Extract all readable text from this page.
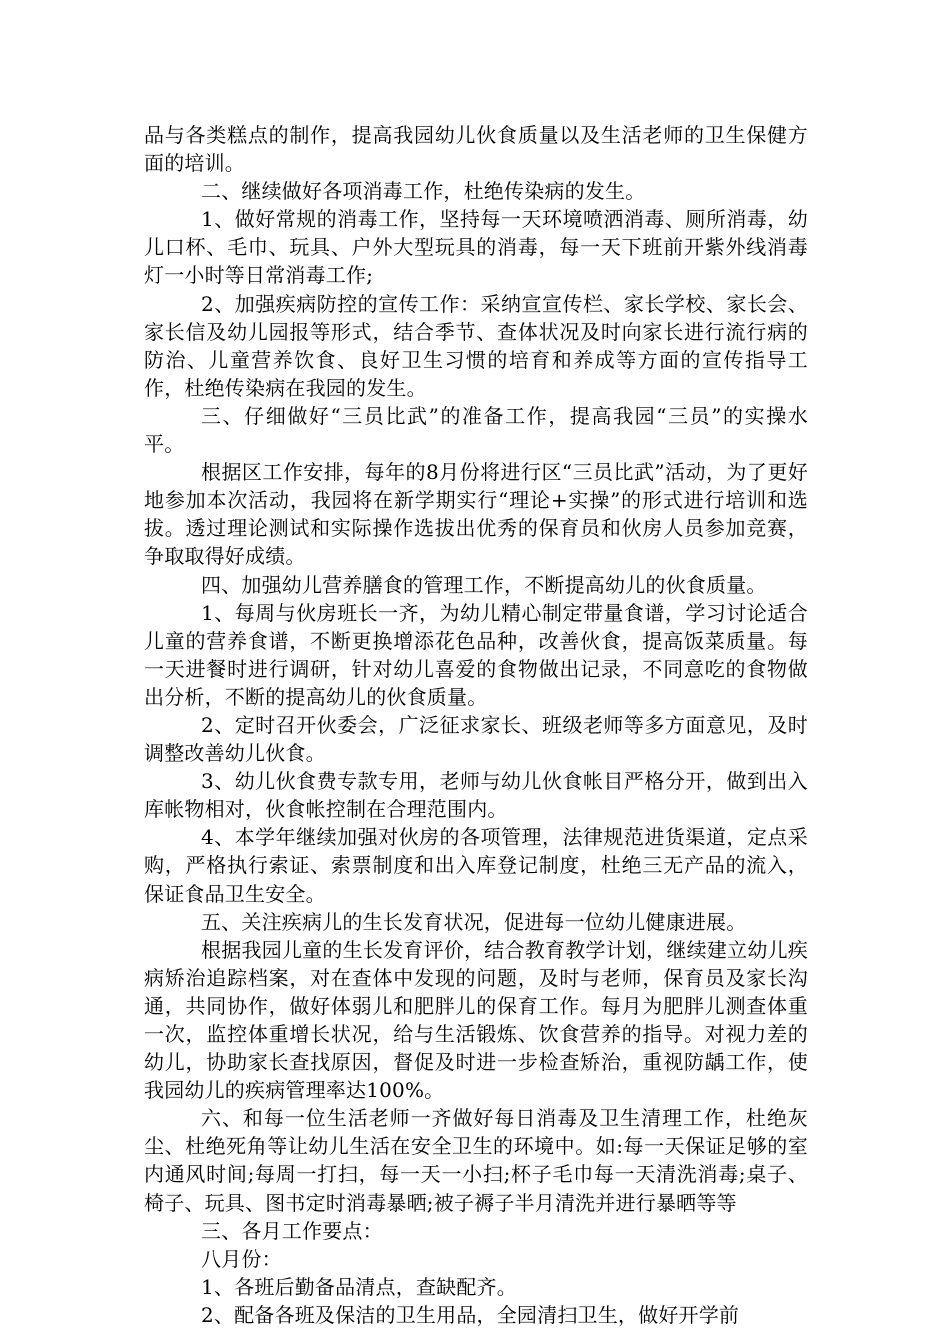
品与各类糕点的制作，提高我园幼儿伙食质量以及生活老师的卫生保健方面的培训。

二、继续做好各项消毒工作，杜绝传染病的发生。

1、做好常规的消毒工作，坚持每一天环境喷洒消毒、厕所消毒，幼儿口杯、毛巾、玩具、户外大型玩具的消毒，每一天下班前开紫外线消毒灯一小时等日常消毒工作;

2、加强疾病防控的宣传工作：采纳宣宣传栏、家长学校、家长会、家长信及幼儿园报等形式，结合季节、查体状况及时向家长进行流行病的防治、儿童营养饮食、良好卫生习惯的培育和养成等方面的宣传指导工作，杜绝传染病在我园的发生。

三、仔细做好“三员比武”的准备工作，提高我园“三员”的实操水平。

根据区工作安排，每年的8月份将进行区“三员比武”活动，为了更好地参加本次活动，我园将在新学期实行“理论+实操”的形式进行培训和选拔。透过理论测试和实际操作选拔出优秀的保育员和伙房人员参加竞赛，争取取得好成绩。

四、加强幼儿营养膳食的管理工作，不断提高幼儿的伙食质量。

1、每周与伙房班长一齐，为幼儿精心制定带量食谱，学习讨论适合儿童的营养食谱，不断更换增添花色品种，改善伙食，提高饭菜质量。每一天进餐时进行调研，针对幼儿喜爱的食物做出记录，不同意吃的食物做出分析，不断的提高幼儿的伙食质量。

2、定时召开伙委会，广泛征求家长、班级老师等多方面意见，及时调整改善幼儿伙食。

3、幼儿伙食费专款专用，老师与幼儿伙食帐目严格分开，做到出入库帐物相对，伙食帐控制在合理范围内。

4、本学年继续加强对伙房的各项管理，法律规范进货渠道，定点采购，严格执行索证、索票制度和出入库登记制度，杜绝三无产品的流入，保证食品卫生安全。

五、关注疾病儿的生长发育状况，促进每一位幼儿健康进展。

根据我园儿童的生长发育评价，结合教育教学计划，继续建立幼儿疾病矫治追踪档案，对在查体中发现的问题，及时与老师，保育员及家长沟通，共同协作，做好体弱儿和肥胖儿的保育工作。每月为肥胖儿测查体重一次，监控体重增长状况，给与生活锻炼、饮食营养的指导。对视力差的幼儿，协助家长查找原因，督促及时进一步检查矫治，重视防龋工作，使我园幼儿的疾病管理率达100%。

六、和每一位生活老师一齐做好每日消毒及卫生清理工作，杜绝灰尘、杜绝死角等让幼儿生活在安全卫生的环境中。如:每一天保证足够的室内通风时间;每周一打扫，每一天一小扫;杯子毛巾每一天清洗消毒;桌子、椅子、玩具、图书定时消毒暴晒;被子褥子半月清洗并进行暴晒等等

三、各月工作要点：

八月份：

1、各班后勤备品清点，查缺配齐。

2、配备各班及保洁的卫生用品，全园清扫卫生，做好开学前
